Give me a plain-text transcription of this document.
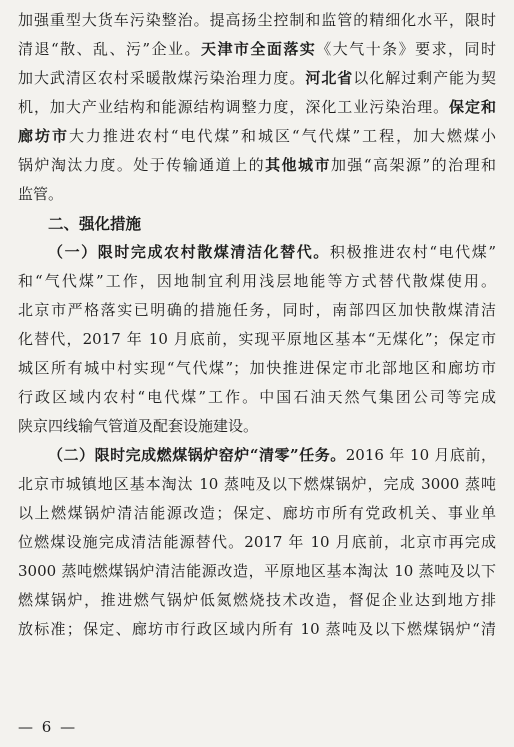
加强重型大货车污染整治。提高扬尘控制和监管的精细化水平，限时
清退“散、乱、污”企业。天津市全面落实《大气十条》要求，同时
加大武清区农村采暖散煤污染治理力度。河北省以化解过剩产能为契
机，加大产业结构和能源结构调整力度，深化工业污染治理。保定和
廊坊市大力推进农村“电代煤”和城区“气代煤”工程，加大燃煤小
锅炉淘汰力度。处于传输通道上的其他城市加强“高架源”的治理和
监管。
二、强化措施
（一）限时完成农村散煤清洁化替代。积极推进农村“电代煤”
和“气代煤”工作，因地制宜利用浅层地能等方式替代散煤使用。
北京市严格落实已明确的措施任务，同时，南部四区加快散煤清洁
化替代，2017 年 10 月底前，实现平原地区基本“无煤化”；保定市
城区所有城中村实现“气代煤”；加快推进保定市北部地区和廊坊市
行政区域内农村“电代煤”工作。中国石油天然气集团公司等完成
陕京四线输气管道及配套设施建设。
（二）限时完成燃煤锅炉窑炉“清零”任务。2016 年 10 月底前，
北京市城镇地区基本淘汰 10 蒸吨及以下燃煤锅炉，完成 3000 蒸吨
以上燃煤锅炉清洁能源改造；保定、廊坊市所有党政机关、事业单
位燃煤设施完成清洁能源替代。2017 年 10 月底前，北京市再完成
3000 蒸吨燃煤锅炉清洁能源改造，平原地区基本淘汰 10 蒸吨及以下
燃煤锅炉，推进燃气锅炉低氮燃烧技术改造，督促企业达到地方排
放标准；保定、廊坊市行政区域内所有 10 蒸吨及以下燃煤锅炉“清
— 6 —
